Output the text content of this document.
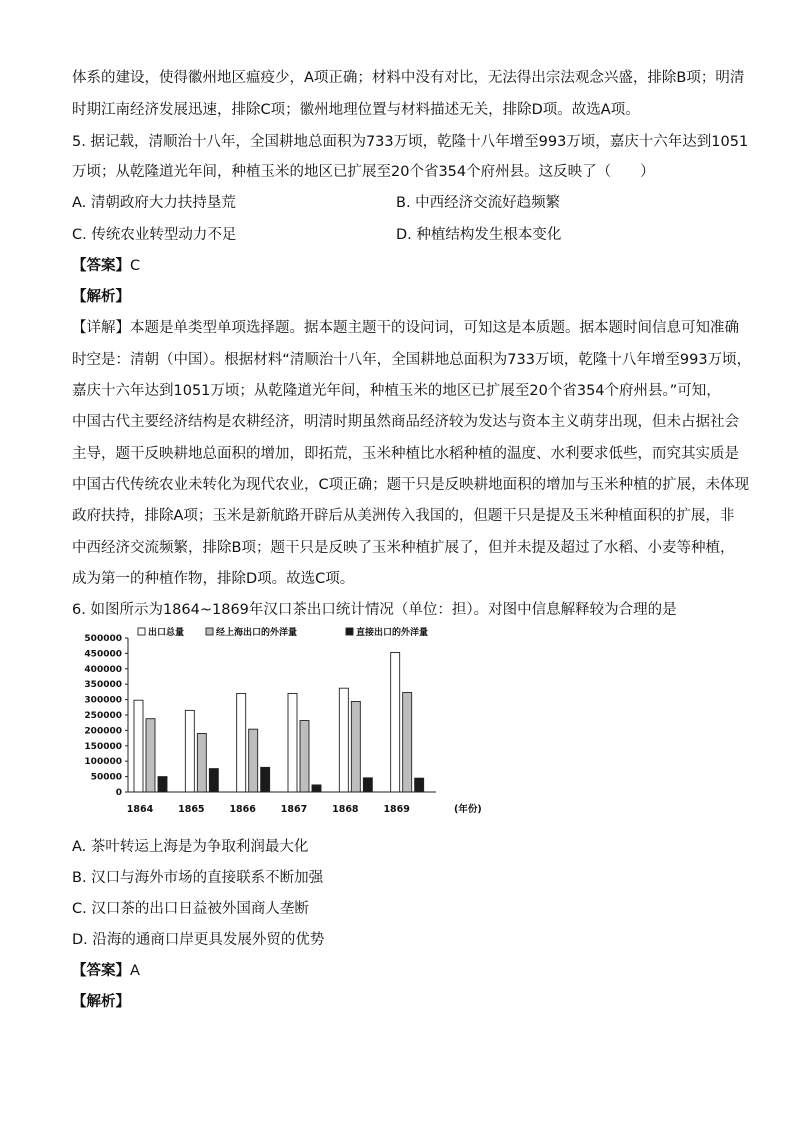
体系的建设，使得徽州地区瘟疫少，A项正确；材料中没有对比，无法得出宗法观念兴盛，排除B项；明清
时期江南经济发展迅速，排除C项；徽州地理位置与材料描述无关，排除D项。故选A项。
5. 据记载，清顺治十八年，全国耕地总面积为733万顷，乾隆十八年增至993万顷，嘉庆十六年达到1051
万顷；从乾隆道光年间，种植玉米的地区已扩展至20个省354个府州县。这反映了（　　）
A. 清朝政府大力扶持垦荒	B. 中西经济交流好趋频繁
C. 传统农业转型动力不足	D. 种植结构发生根本变化
【答案】C
【解析】
【详解】本题是单类型单项选择题。据本题主题干的设问词，可知这是本质题。据本题时间信息可知准确
时空是：清朝（中国）。根据材料“清顺治十八年，全国耕地总面积为733万顷，乾隆十八年增至993万顷，
嘉庆十六年达到1051万顷；从乾隆道光年间，种植玉米的地区已扩展至20个省354个府州县。”可知，
中国古代主要经济结构是农耕经济，明清时期虽然商品经济较为发达与资本主义萌芽出现，但未占据社会
主导，题干反映耕地总面积的增加，即拓荒，玉米种植比水稻种植的温度、水利要求低些，而究其实质是
中国古代传统农业未转化为现代农业，C项正确；题干只是反映耕地面积的增加与玉米种植的扩展，未体现
政府扶持，排除A项；玉米是新航路开辟后从美洲传入我国的，但题干只是提及玉米种植面积的扩展，非
中西经济交流频繁，排除B项；题干只是反映了玉米种植扩展了，但并未提及超过了水稻、小麦等种植，
成为第一的种植作物，排除D项。故选C项。
6. 如图所示为1864~1869年汉口茶出口统计情况（单位：担）。对图中信息解释较为合理的是
出口总量	经上海出口的外洋量	直接出口的外洋量
0
50000
100000
150000
200000
250000
300000
350000
400000
450000
500000
1864	1865	1866	1867	1868	1869	(年份)
A. 茶叶转运上海是为争取利润最大化
B. 汉口与海外市场的直接联系不断加强
C. 汉口茶的出口日益被外国商人垄断
D. 沿海的通商口岸更具发展外贸的优势
【答案】A
【解析】
